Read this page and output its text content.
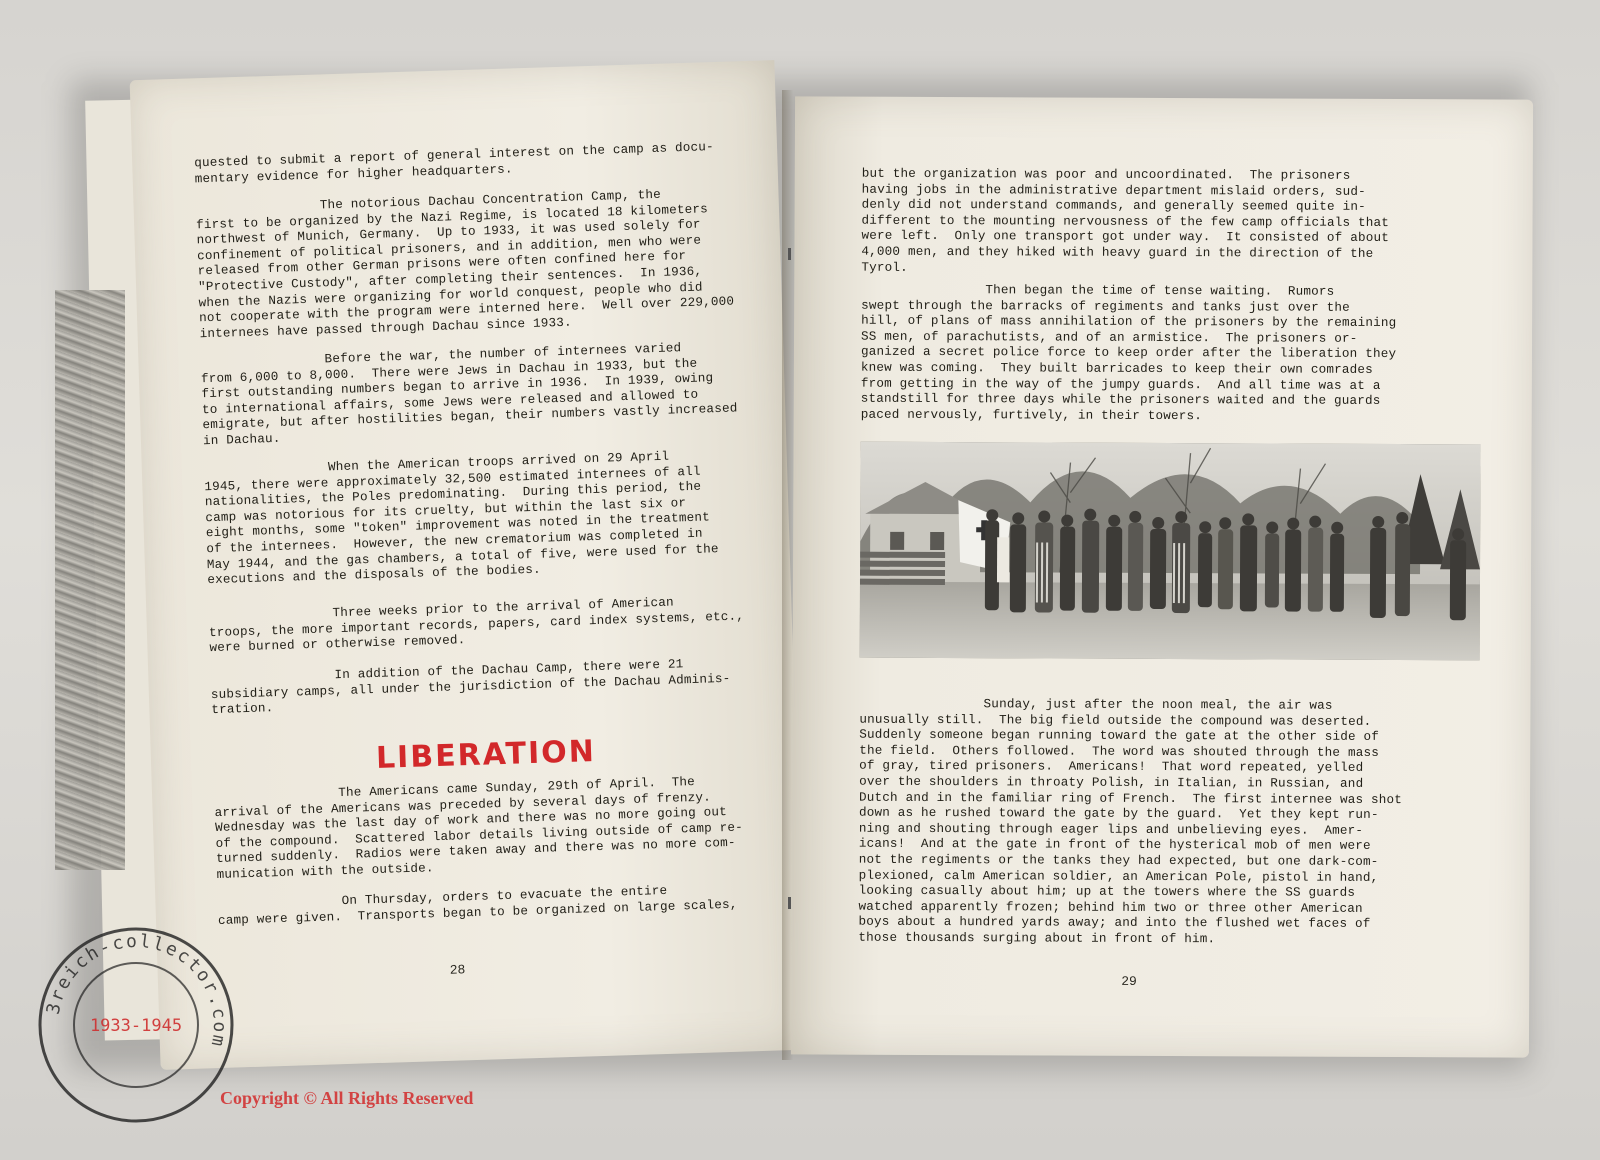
quested to submit a report of general interest on the camp as docu-
mentary evidence for higher headquarters.

The notorious Dachau Concentration Camp, the
first to be organized by the Nazi Regime, is located 18 kilometers
northwest of Munich, Germany.  Up to 1933, it was used solely for
confinement of political prisoners, and in addition, men who were
released from other German prisons were often confined here for
"Protective Custody", after completing their sentences.  In 1936,
when the Nazis were organizing for world conquest, people who did
not cooperate with the program were interned here.  Well over 229,000
internees have passed through Dachau since 1933.

Before the war, the number of internees varied
from 6,000 to 8,000.  There were Jews in Dachau in 1933, but the
first outstanding numbers began to arrive in 1936.  In 1939, owing
to international affairs, some Jews were released and allowed to
emigrate, but after hostilities began, their numbers vastly increased
in Dachau.

When the American troops arrived on 29 April
1945, there were approximately 32,500 estimated internees of all
nationalities, the Poles predominating.  During this period, the
camp was notorious for its cruelty, but within the last six or
eight months, some "token" improvement was noted in the treatment
of the internees.  However, the new crematorium was completed in
May 1944, and the gas chambers, a total of five, were used for the
executions and the disposals of the bodies.

Three weeks prior to the arrival of American
troops, the more important records, papers, card index systems, etc.,
were burned or otherwise removed.

In addition of the Dachau Camp, there were 21
subsidiary camps, all under the jurisdiction of the Dachau Adminis-
tration.

LIBERATION

The Americans came Sunday, 29th of April.  The
arrival of the Americans was preceded by several days of frenzy.
Wednesday was the last day of work and there was no more going out
of the compound.  Scattered labor details living outside of camp re-
turned suddenly.  Radios were taken away and there was no more com-
munication with the outside.

On Thursday, orders to evacuate the entire
camp were given.  Transports began to be organized on large scales,

28

but the organization was poor and uncoordinated.  The prisoners
having jobs in the administrative department mislaid orders, sud-
denly did not understand commands, and generally seemed quite in-
different to the mounting nervousness of the few camp officials that
were left.  Only one transport got under way.  It consisted of about
4,000 men, and they hiked with heavy guard in the direction of the
Tyrol.

Then began the time of tense waiting.  Rumors
swept through the barracks of regiments and tanks just over the
hill, of plans of mass annihilation of the prisoners by the remaining
SS men, of parachutists, and of an armistice.  The prisoners or-
ganized a secret police force to keep order after the liberation they
knew was coming.  They built barricades to keep their own comrades
from getting in the way of the jumpy guards.  And all time was at a
standstill for three days while the prisoners waited and the guards
paced nervously, furtively, in their towers.

Sunday, just after the noon meal, the air was
unusually still.  The big field outside the compound was deserted.
Suddenly someone began running toward the gate at the other side of
the field.  Others followed.  The word was shouted through the mass
of gray, tired prisoners.  Americans!  That word repeated, yelled
over the shoulders in throaty Polish, in Italian, in Russian, and
Dutch and in the familiar ring of French.  The first internee was shot
down as he rushed toward the gate by the guard.  Yet they kept run-
ning and shouting through eager lips and unbelieving eyes.  Amer-
icans!  And at the gate in front of the hysterical mob of men were
not the regiments or the tanks they had expected, but one dark-com-
plexioned, calm American soldier, an American Pole, pistol in hand,
looking casually about him; up at the towers where the SS guards
watched apparently frozen; behind him two or three other American
boys about a hundred yards away; and into the flushed wet faces of
those thousands surging about in front of him.

29

3reich-collector.com
1933-1945

Copyright © All Rights Reserved
